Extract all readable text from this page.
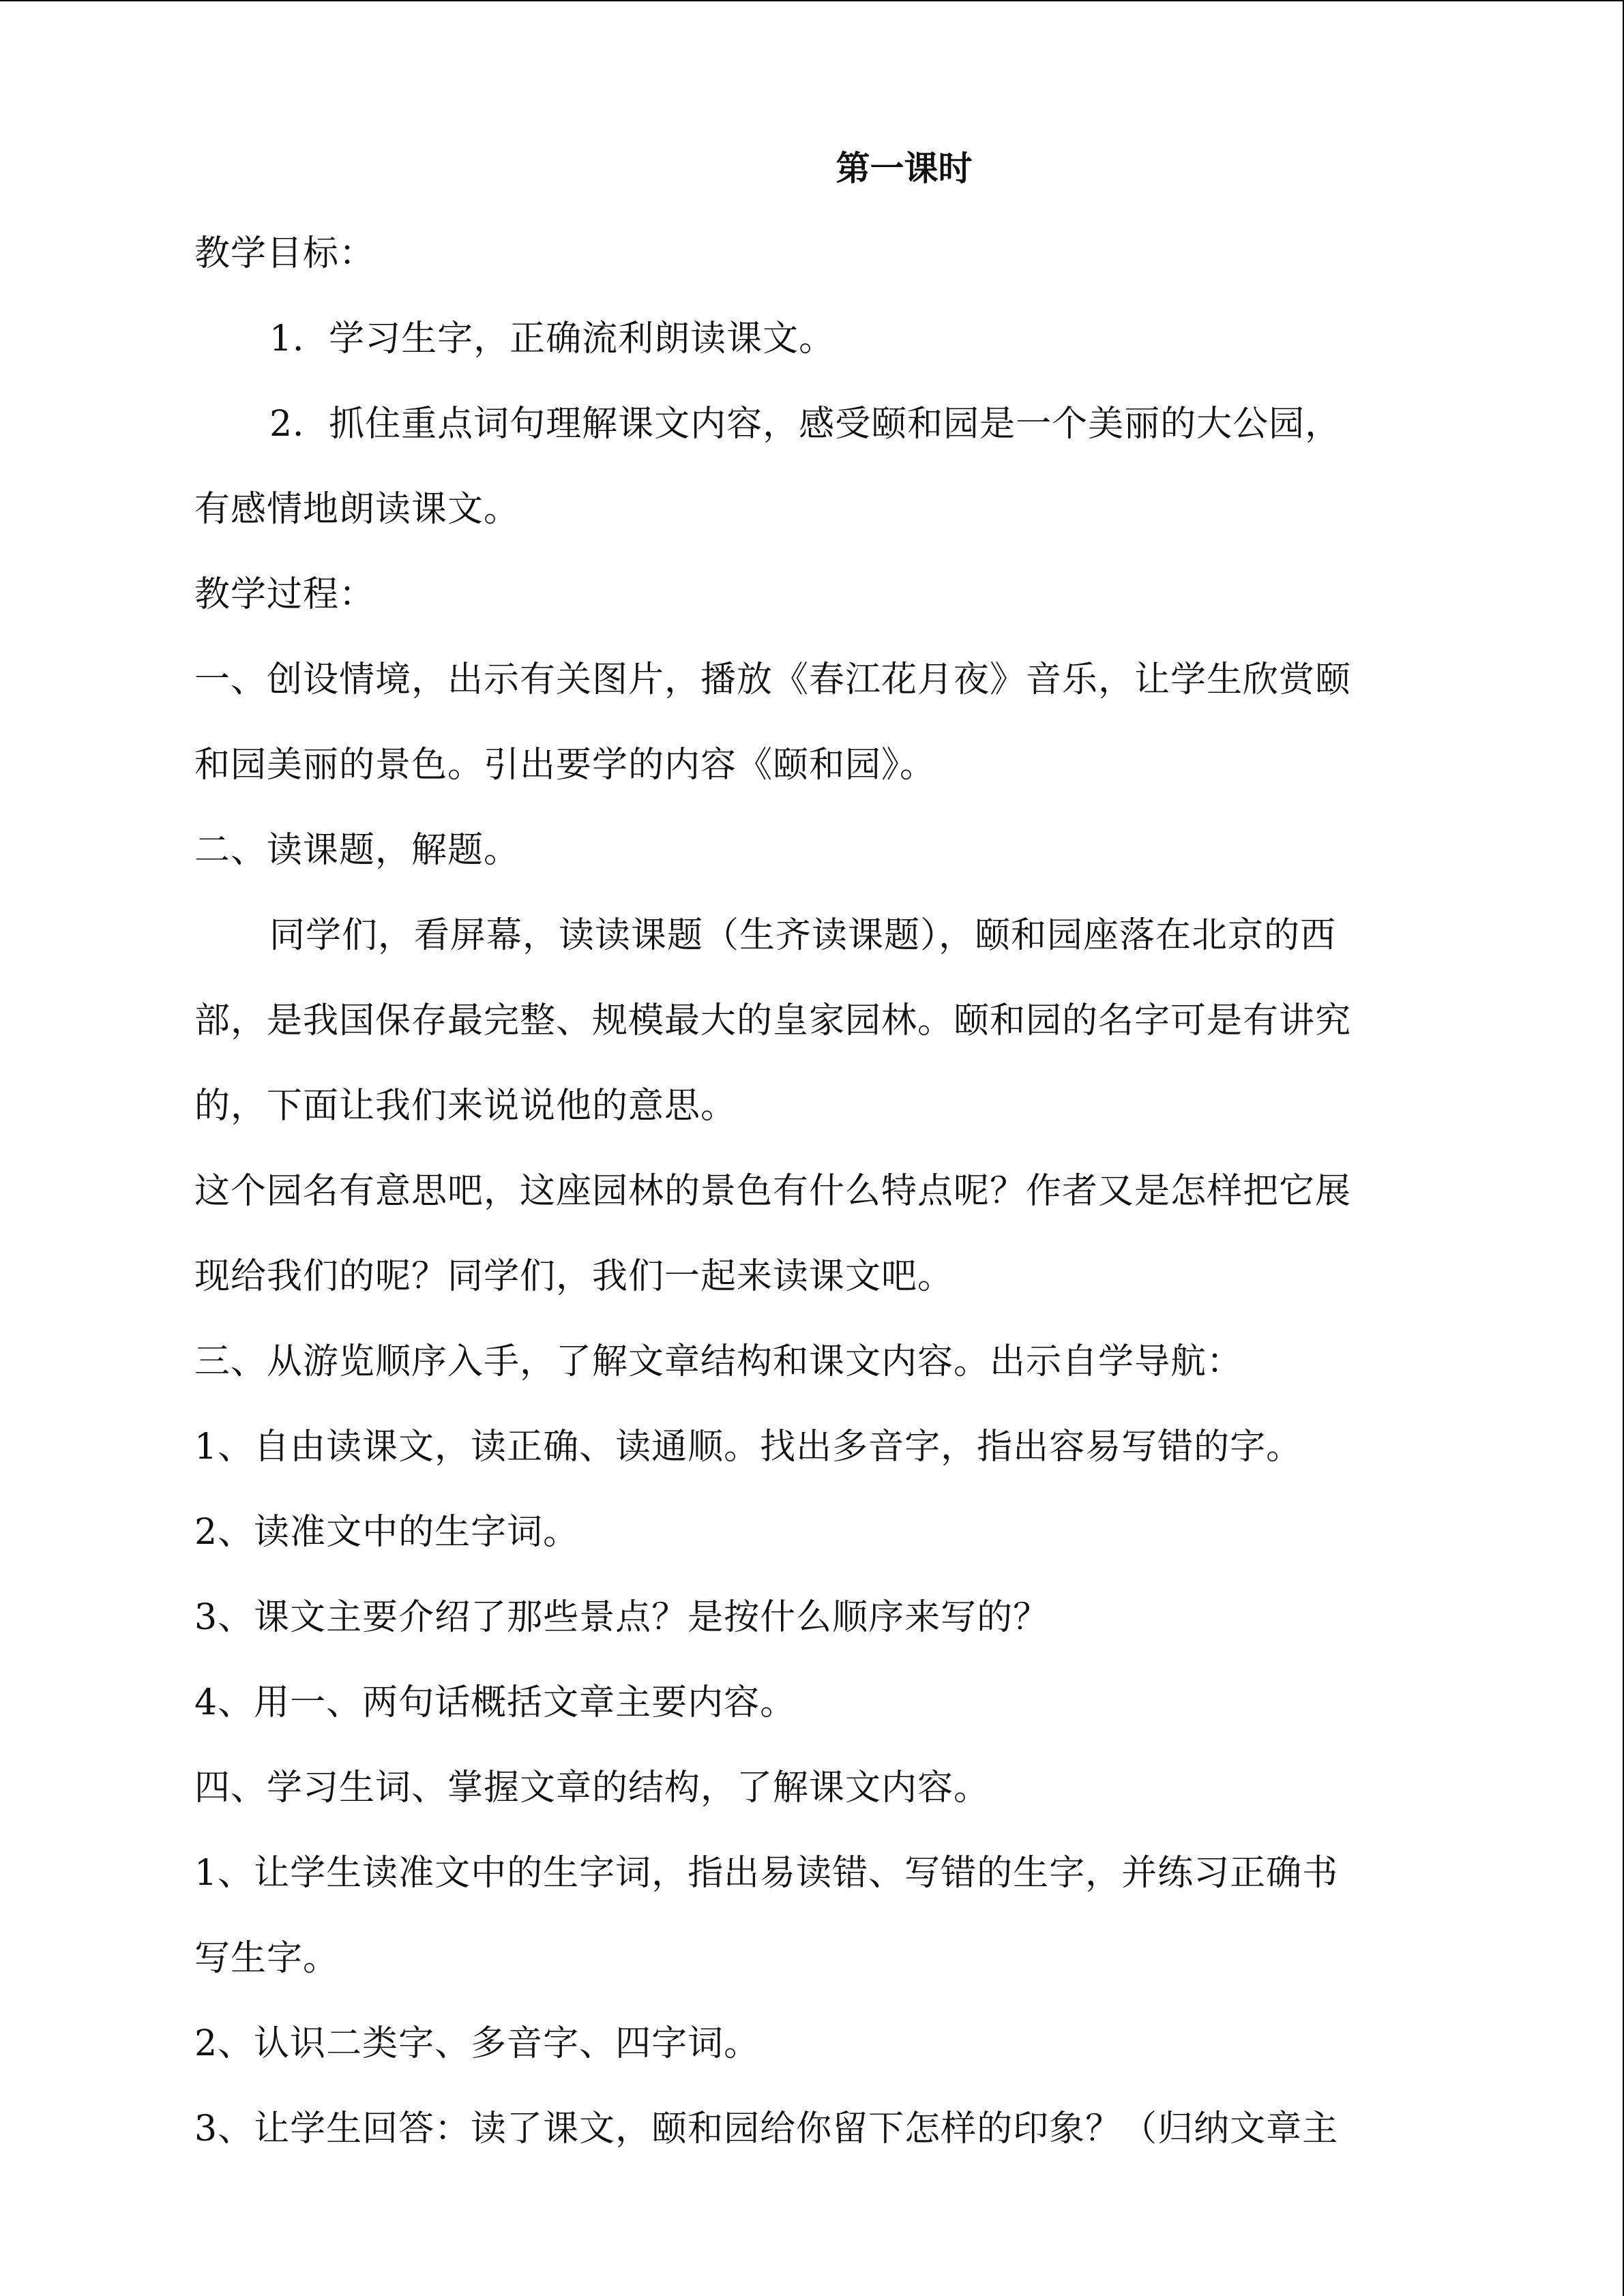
第一课时
教学目标：
1．学习生字，正确流利朗读课文。
2．抓住重点词句理解课文内容，感受颐和园是一个美丽的大公园，
有感情地朗读课文。
教学过程：
一、创设情境，出示有关图片，播放《春江花月夜》音乐，让学生欣赏颐
和园美丽的景色。引出要学的内容《颐和园》。
二、读课题，解题。
同学们，看屏幕，读读课题（生齐读课题），颐和园座落在北京的西
部，是我国保存最完整、规模最大的皇家园林。颐和园的名字可是有讲究
的，下面让我们来说说他的意思。
这个园名有意思吧，这座园林的景色有什么特点呢？作者又是怎样把它展
现给我们的呢？同学们，我们一起来读课文吧。
三、从游览顺序入手，了解文章结构和课文内容。出示自学导航：
1、自由读课文，读正确、读通顺。找出多音字，指出容易写错的字。
2、读准文中的生字词。
3、课文主要介绍了那些景点？是按什么顺序来写的？
4、用一、两句话概括文章主要内容。
四、学习生词、掌握文章的结构，了解课文内容。
1、让学生读准文中的生字词，指出易读错、写错的生字，并练习正确书
写生字。
2、认识二类字、多音字、四字词。
3、让学生回答：读了课文，颐和园给你留下怎样的印象？（归纳文章主
